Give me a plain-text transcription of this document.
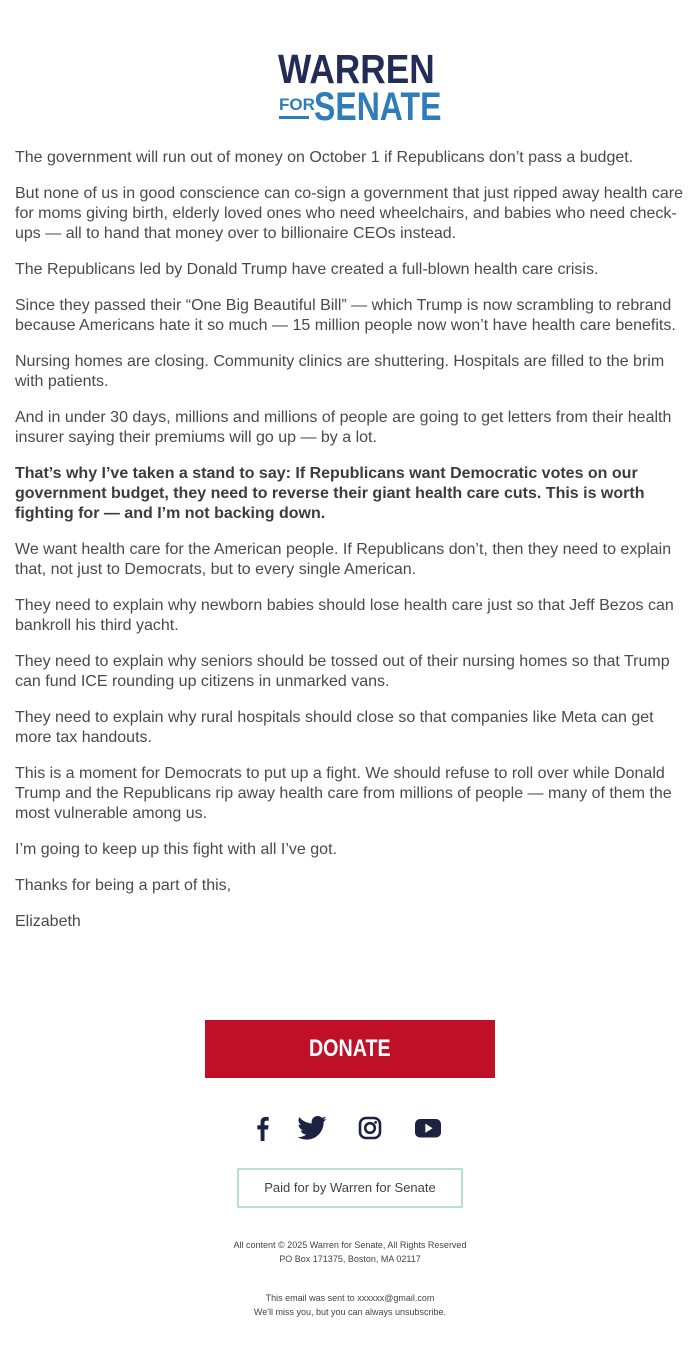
WARREN
FOR SENATE

The government will run out of money on October 1 if Republicans don’t pass a budget.

But none of us in good conscience can co-sign a government that just ripped away health care for moms giving birth, elderly loved ones who need wheelchairs, and babies who need check-ups — all to hand that money over to billionaire CEOs instead.

The Republicans led by Donald Trump have created a full-blown health care crisis.

Since they passed their “One Big Beautiful Bill” — which Trump is now scrambling to rebrand because Americans hate it so much — 15 million people now won’t have health care benefits.

Nursing homes are closing. Community clinics are shuttering. Hospitals are filled to the brim with patients.

And in under 30 days, millions and millions of people are going to get letters from their health insurer saying their premiums will go up — by a lot.

That’s why I’ve taken a stand to say: If Republicans want Democratic votes on our government budget, they need to reverse their giant health care cuts. This is worth fighting for — and I’m not backing down.

We want health care for the American people. If Republicans don’t, then they need to explain that, not just to Democrats, but to every single American.

They need to explain why newborn babies should lose health care just so that Jeff Bezos can bankroll his third yacht.

They need to explain why seniors should be tossed out of their nursing homes so that Trump can fund ICE rounding up citizens in unmarked vans.

They need to explain why rural hospitals should close so that companies like Meta can get more tax handouts.

This is a moment for Democrats to put up a fight. We should refuse to roll over while Donald Trump and the Republicans rip away health care from millions of people — many of them the most vulnerable among us.

I’m going to keep up this fight with all I’ve got.

Thanks for being a part of this,

Elizabeth

DONATE
Paid for by Warren for Senate
All content © 2025 Warren for Senate, All Rights Reserved
PO Box 171375, Boston, MA 02117
This email was sent to xxxxxx@gmail.com
We'll miss you, but you can always unsubscribe.
